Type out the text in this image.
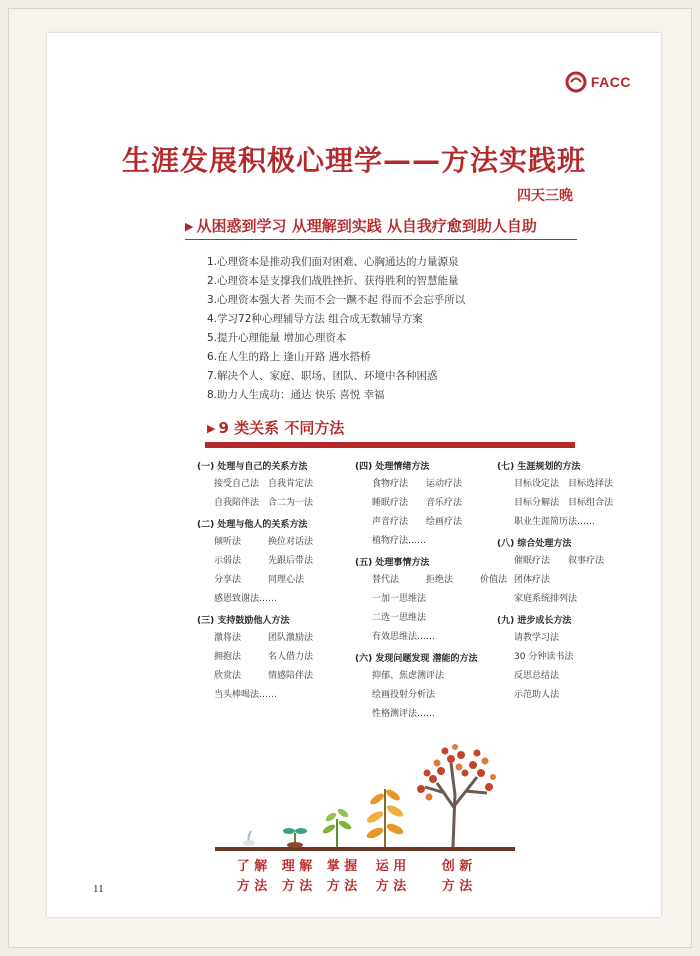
FACC
生涯发展积极心理学——方法实践班
四天三晚
▶ 从困惑到学习 从理解到实践 从自我疗愈到助人自助
1.心理资本是推动我们面对困难、心胸通达的力量源泉
2.心理资本是支撑我们战胜挫折、获得胜利的智慧能量
3.心理资本强大者 失而不会一蹶不起 得而不会忘乎所以
4.学习72种心理辅导方法 组合成无数辅导方案
5.提升心理能量 增加心理资本
6.在人生的路上 逢山开路 遇水搭桥
7.解决个人、家庭、职场、团队、环境中各种困惑
8.助力人生成功：通达 快乐 喜悦 幸福
▶ 9 类关系 不同方法
(一) 处理与自己的关系方法
接受自己法 自我肯定法
自我陪伴法 合二为一法
(二) 处理与他人的关系方法
倾听法	换位对话法
示弱法	先跟后带法
分享法	同理心法
感恩致谢法……
(三) 支持鼓励他人方法
激将法	团队激励法
拥抱法	名人借力法
欣赏法	情感陪伴法
当头棒喝法……
(四) 处理情绪方法
食物疗法 运动疗法
睡眠疗法 音乐疗法
声音疗法 绘画疗法
植物疗法……
(五) 处理事情方法
替代法	拒绝法	价值法
一加一思维法
二选一思维法
有效思维法……
(六) 发现问题发现 潜能的方法
抑郁、焦虑测评法
绘画投射分析法
性格测评法……
(七) 生涯规划的方法
目标设定法 目标选择法
目标分解法 目标组合法
职业生涯简历法……
(八) 综合处理方法
催眠疗法 叙事疗法
团体疗法
家庭系统排列法
(九) 进步成长方法
请教学习法
30 分钟读书法
反思总结法
示范助人法
了 解
方 法
理 解
方 法
掌 握
方 法
运 用
方 法
创 新
方 法
11
